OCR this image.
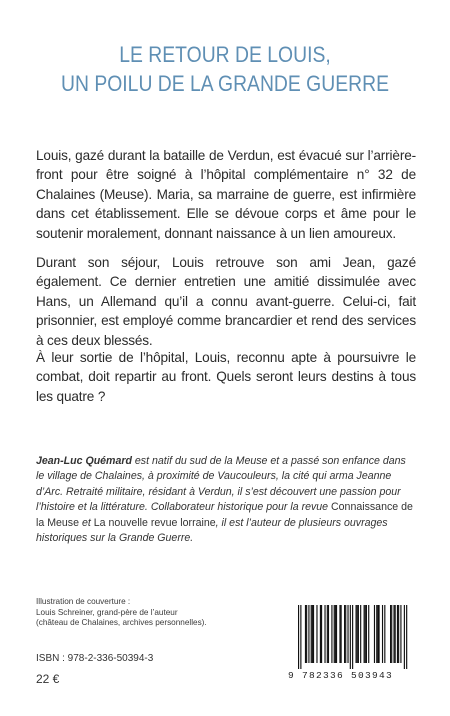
LE RETOUR DE LOUIS,
UN POILU DE LA GRANDE GUERRE

Louis, gazé durant la bataille de Verdun, est évacué sur l’arrière-front pour être soigné à l’hôpital complémentaire n° 32 de Chalaines (Meuse). Maria, sa marraine de guerre, est infirmière dans cet établissement. Elle se dévoue corps et âme pour le soutenir moralement, donnant naissance à un lien amoureux.

Durant son séjour, Louis retrouve son ami Jean, gazé également. Ce dernier entretien une amitié dissimulée avec Hans, un Allemand qu’il a connu avant-guerre. Celui-ci, fait prisonnier, est employé comme brancardier et rend des services à ces deux blessés.

À leur sortie de l’hôpital, Louis, reconnu apte à poursuivre le combat, doit repartir au front. Quels seront leurs destins à tous les quatre ?

Jean-Luc Quémard est natif du sud de la Meuse et a passé son enfance dans le village de Chalaines, à proximité de Vaucouleurs, la cité qui arma Jeanne d’Arc. Retraité militaire, résidant à Verdun, il s’est découvert une passion pour l’histoire et la littérature. Collaborateur historique pour la revue Connaissance de la Meuse et La nouvelle revue lorraine, il est l’auteur de plusieurs ouvrages historiques sur la Grande Guerre.

Illustration de couverture :
Louis Schreiner, grand-père de l’auteur
(château de Chalaines, archives personnelles).
ISBN : 978-2-336-50394-3
22 €	9 782336 503943
